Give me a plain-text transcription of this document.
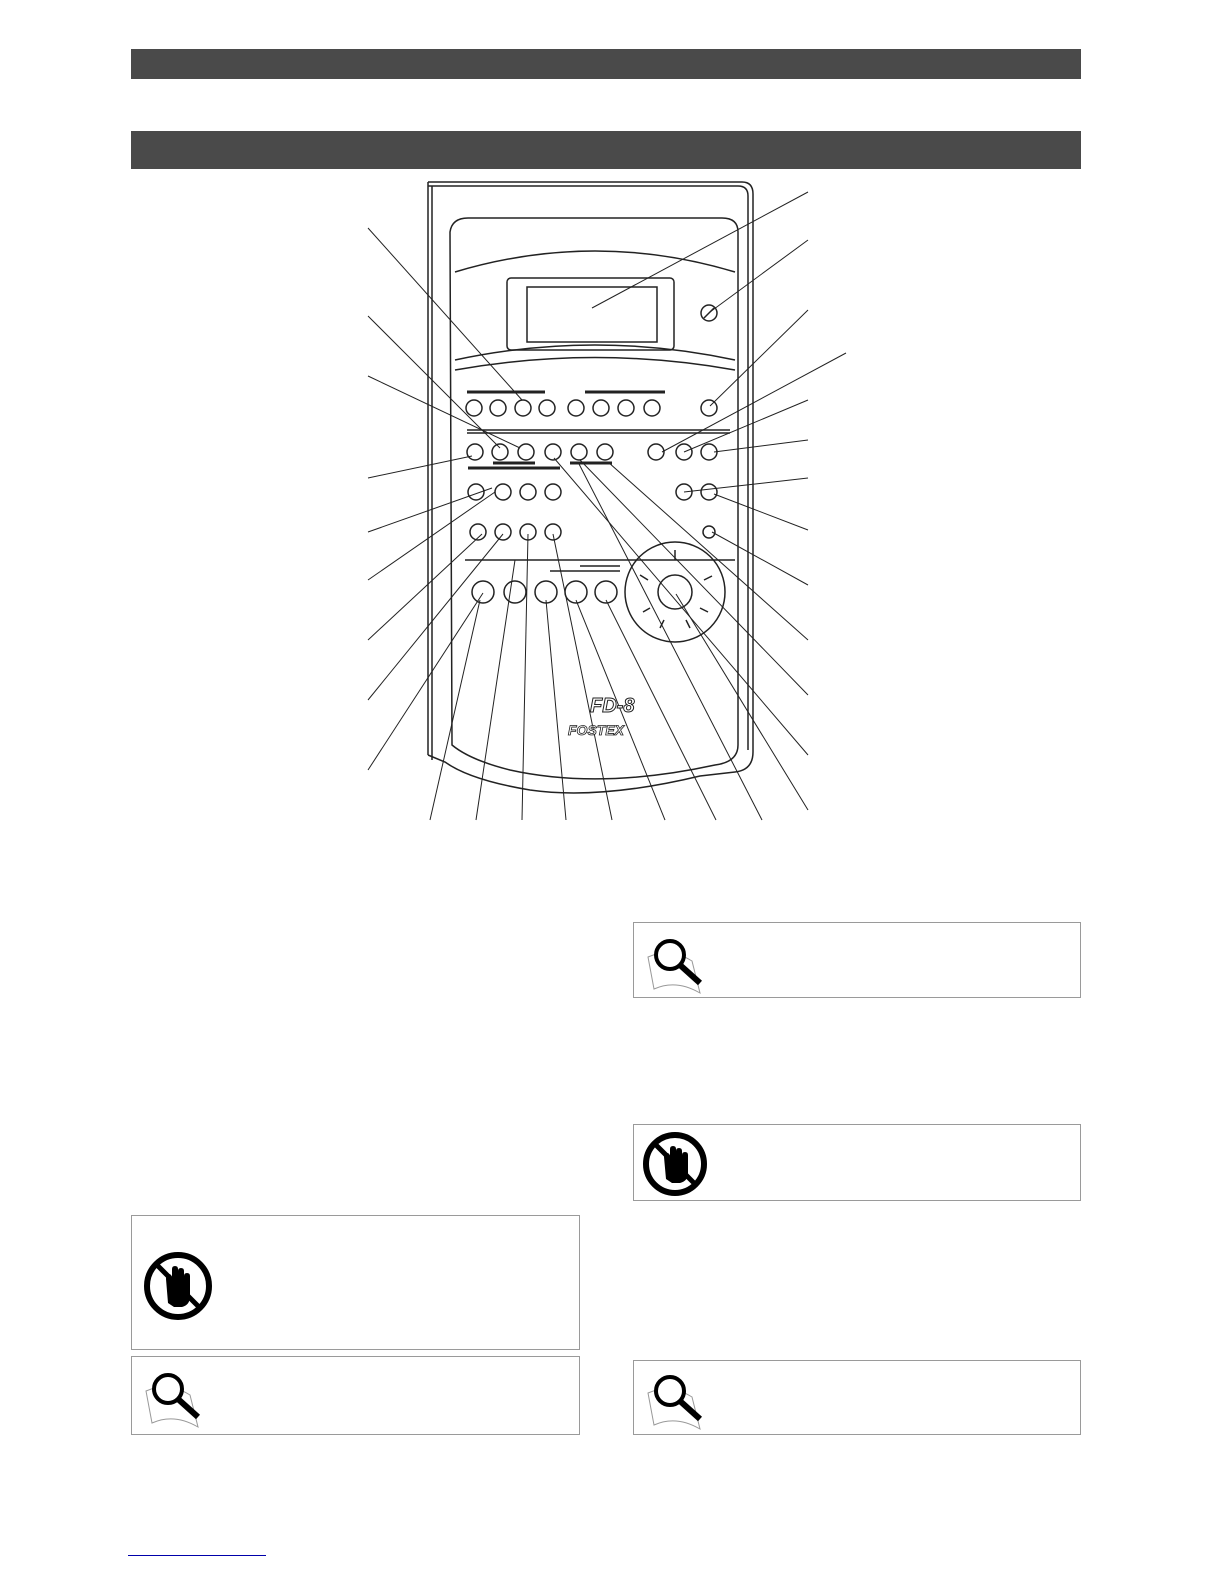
FD-8
FOSTEX
